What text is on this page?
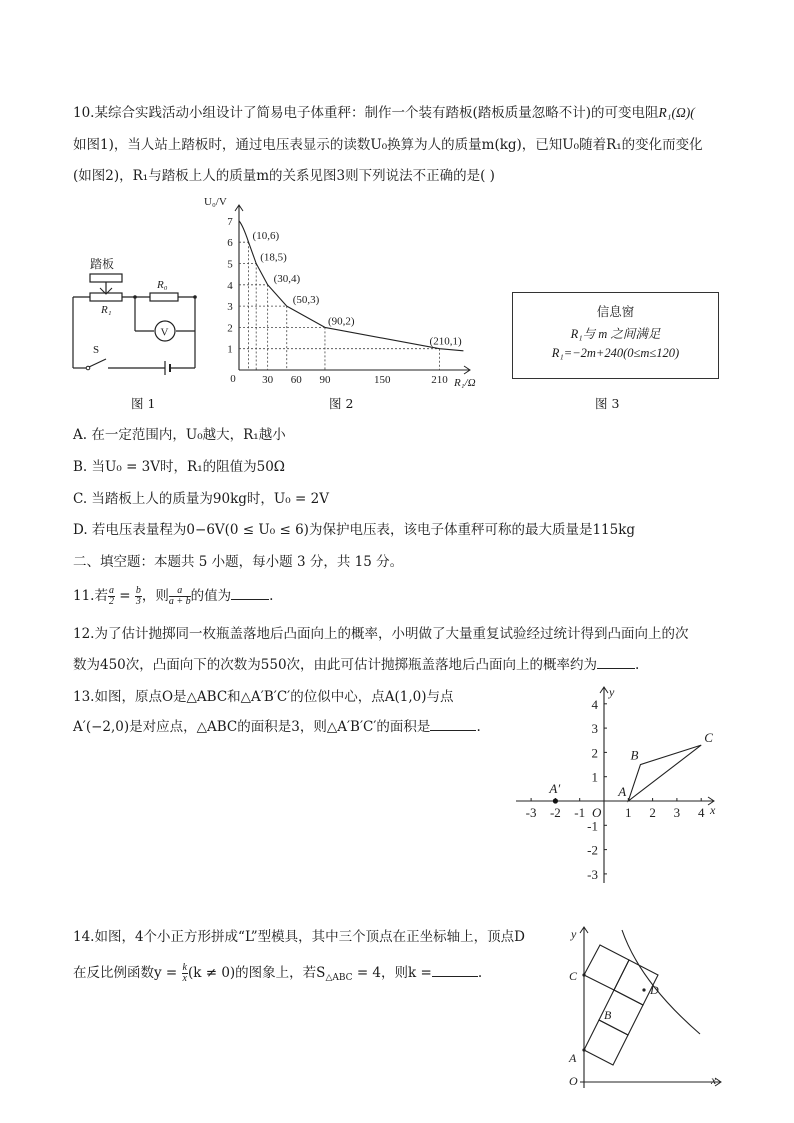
10.某综合实践活动小组设计了简易电子体重秤：制作一个装有踏板(踏板质量忽略不计)的可变电阻R₁(Ω)(
如图1)，当人站上踏板时，通过电压表显示的读数U₀换算为人的质量m(kg)，已知U₀随着R₁的变化而变化
(如图2)，R₁与踏板上人的质量m的关系见图3则下列说法不正确的是( )
踏板
R₁
R₀
V
S
图 1
U₀/V
R₁/Ω
0
1
2
3
4
5
6
7
30 60 90	150	210
(10,6)
(18,5)
(30,4)
(50,3)
(90,2)
(210,1)
图 2
信息窗
R₁与 m 之间满足
R₁=−2m+240(0≤m≤120)
图 3
A. 在一定范围内，U₀越大，R₁越小
B. 当U₀ = 3V时，R₁的阻值为50Ω
C. 当踏板上人的质量为90kg时，U₀ = 2V
D. 若电压表量程为0−6V(0 ≤ U₀ ≤ 6)为保护电压表，该电子体重秤可称的最大质量是115kg
二、填空题：本题共 5 小题，每小题 3 分，共 15 分。
11.若 $\frac{a}{2} = \frac{b}{3}$ ，则 $\frac{a}{a + b}$ 的值为	.
12.为了估计抛掷同一枚瓶盖落地后凸面向上的概率，小明做了大量重复试验经过统计得到凸面向上的次
数为450次，凸面向下的次数为550次，由此可估计抛掷瓶盖落地后凸面向上的概率约为	.
13.如图，原点O是△ABC和△A′B′C′的位似中心，点A(1,0)与点
A′(−2,0)是对应点，△ABC的面积是3，则△A′B′C′的面积是	.
y
x
O
-3 -2 -1	1 2 3 4
4
3
2
1
-1
-2
-3
A
B
C
A′
14.如图，4个小正方形拼成“L”型模具，其中三个顶点在正坐标轴上，顶点D
在反比例函数$y = \frac{k}{x} (k \ne 0)$的图象上，若$S_{\triangle ABC} = 4$，则k =	.
y
x
O
A
C
B
D
